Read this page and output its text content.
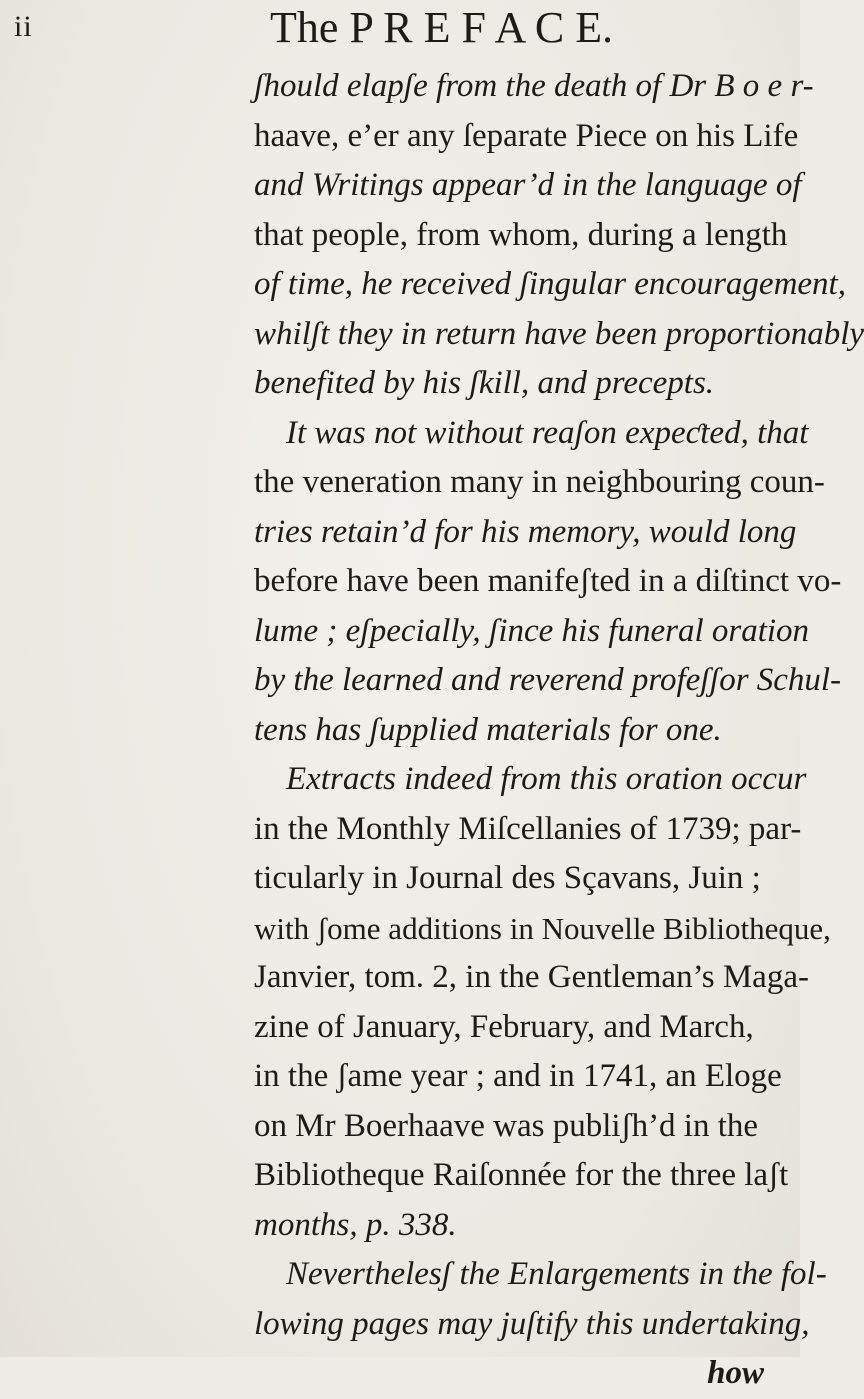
ii	The P R E F A C E.
ʃhould elapʃe from the death of Dr B o e r-
haave, e’er any ſeparate Piece on his Life
and Writings appear’d in the language of
that people, from whom, during a length
of time, he received ʃingular encouragement,
whilʃt they in return have been proportionably
benefited by his ʃkill, and precepts.
It was not without reaʃon expeƈted, that
the veneration many in neighbouring coun-
tries retain’d for his memory, would long
before have been manifeʃted in a diſtinct vo-
lume ; eʃpecially, ʃince his funeral oration
by the learned and reverend profeʃʃor Schul-
tens has ʃupplied materials for one.
Extracts indeed from this oration occur
in the Monthly Miſcellanies of 1739; par-
ticularly in Journal des Sçavans, Juin ;
with ʃome additions in Nouvelle Bibliotheque,
Janvier, tom. 2, in the Gentleman’s Maga-
zine of January, February, and March,
in the ʃame year ; and in 1741, an Eloge
on Mr Boerhaave was publiʃh’d in the
Bibliotheque Raiſonnée for the three laʃt
months, p. 338.
Neverthelesʃ the Enlargements in the fol-
lowing pages may juſtify this undertaking,
how
